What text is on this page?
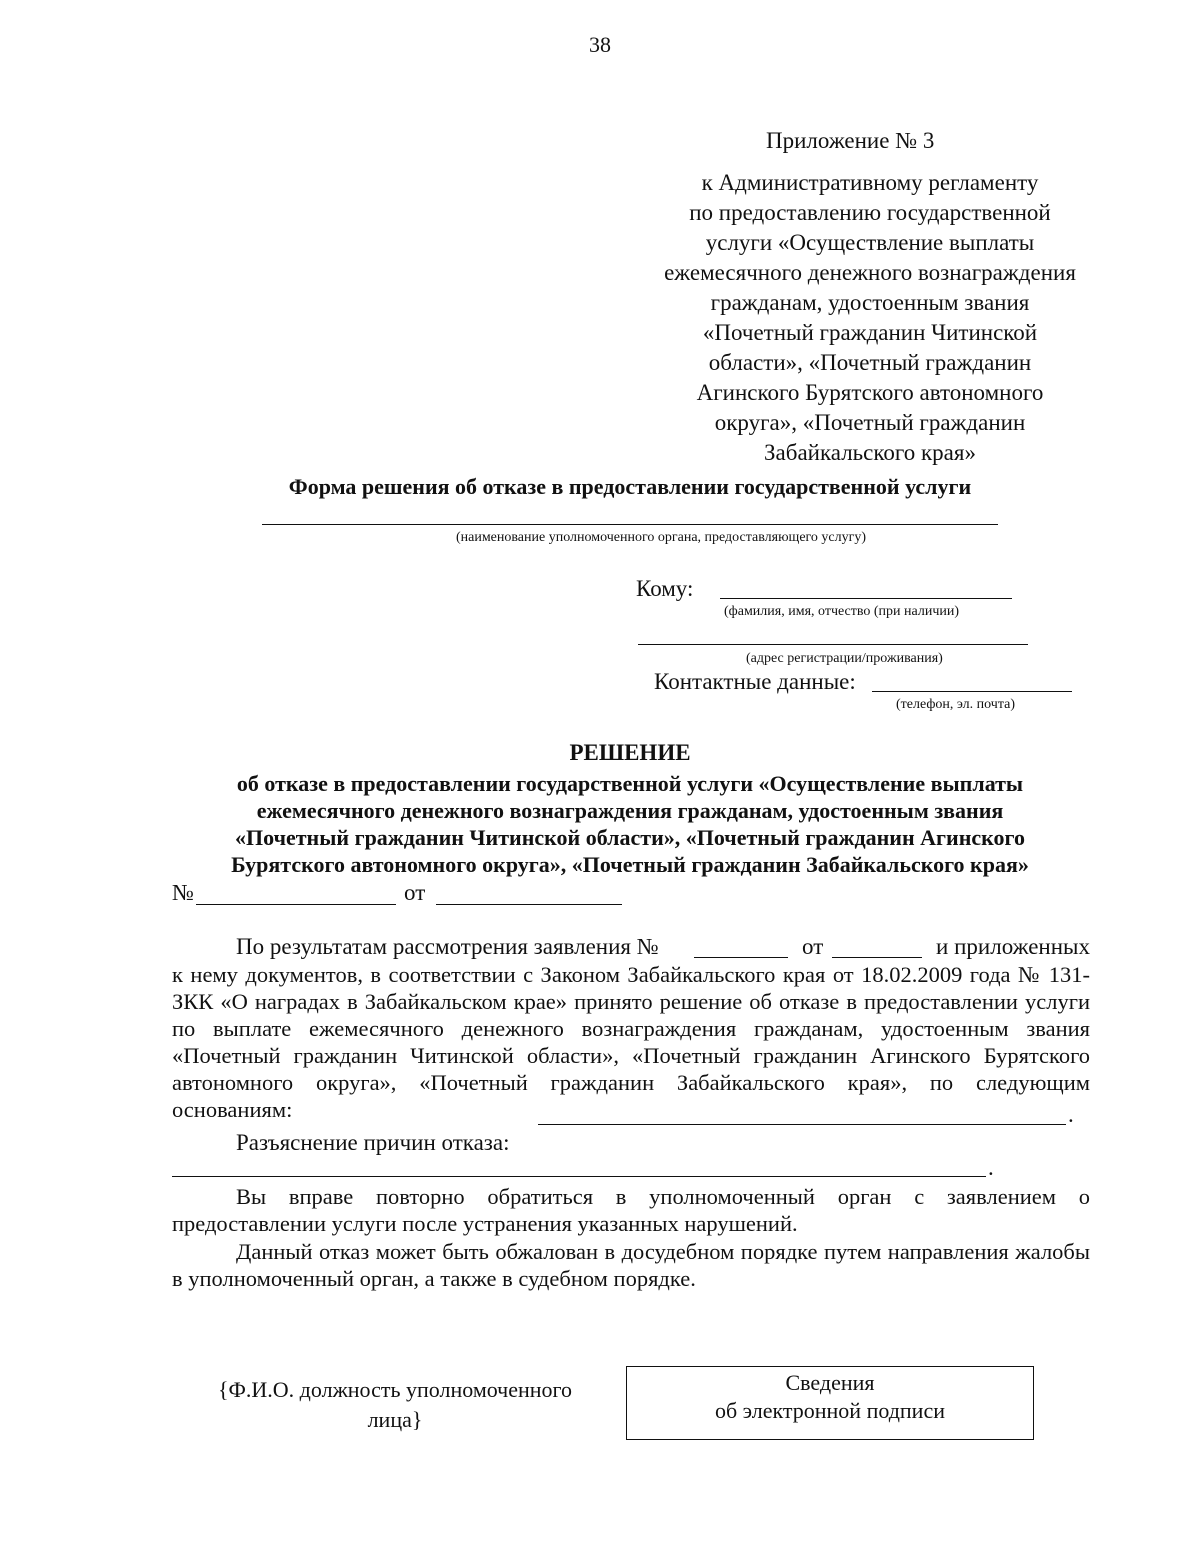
38
Приложение № 3
к Административному регламенту
по предоставлению государственной
услуги «Осуществление выплаты
ежемесячного денежного вознаграждения
гражданам, удостоенным звания
«Почетный гражданин Читинской
области», «Почетный гражданин
Агинского Бурятского автономного
округа», «Почетный гражданин
Забайкальского края»
Форма решения об отказе в предоставлении государственной услуги
(наименование уполномоченного органа, предоставляющего услугу)
Кому:
(фамилия, имя, отчество (при наличии)
(адрес регистрации/проживания)
Контактные данные:
(телефон, эл. почта)
РЕШЕНИЕ
об отказе в предоставлении государственной услуги «Осуществление выплаты
ежемесячного денежного вознаграждения гражданам, удостоенным звания
«Почетный гражданин Читинской области», «Почетный гражданин Агинского
Бурятского автономного округа», «Почетный гражданин Забайкальского края»
№	от
По результатам рассмотрения заявления №	от	и приложенных
к нему документов, в соответствии с Законом Забайкальского края от 18.02.2009 года № 131-ЗКК «О наградах в Забайкальском крае» принято решение об отказе в предоставлении услуги по выплате ежемесячного денежного вознаграждения гражданам, удостоенным звания «Почетный гражданин Читинской области», «Почетный гражданин Агинского Бурятского автономного округа», «Почетный гражданин Забайкальского края», по следующим основаниям:	.
Разъяснение причин отказа:
.
Вы вправе повторно обратиться в уполномоченный орган с заявлением о предоставлении услуги после устранения указанных нарушений.
Данный отказ может быть обжалован в досудебном порядке путем направления жалобы в уполномоченный орган, а также в судебном порядке.
{Ф.И.О. должность уполномоченного
лица}
Сведения
об электронной подписи
